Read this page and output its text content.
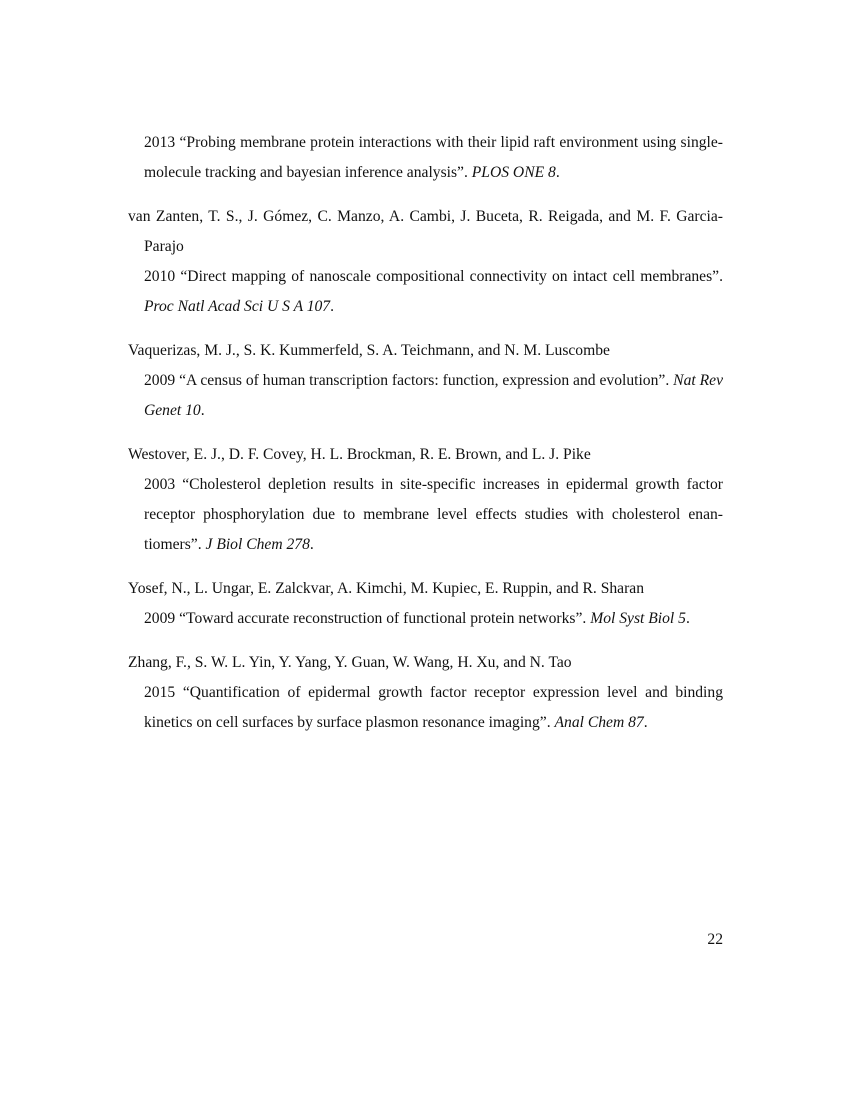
2013 “Probing membrane protein interactions with their lipid raft environment using single-molecule tracking and bayesian inference analysis”. PLOS ONE 8.
van Zanten, T. S., J. Gómez, C. Manzo, A. Cambi, J. Buceta, R. Reigada, and M. F. Garcia-Parajo
2010 “Direct mapping of nanoscale compositional connectivity on intact cell membranes”. Proc Natl Acad Sci U S A 107.
Vaquerizas, M. J., S. K. Kummerfeld, S. A. Teichmann, and N. M. Luscombe
2009 “A census of human transcription factors: function, expression and evolution”. Nat Rev Genet 10.
Westover, E. J., D. F. Covey, H. L. Brockman, R. E. Brown, and L. J. Pike
2003 “Cholesterol depletion results in site-specific increases in epidermal growth factor receptor phosphorylation due to membrane level effects studies with cholesterol enantiomers”. J Biol Chem 278.
Yosef, N., L. Ungar, E. Zalckvar, A. Kimchi, M. Kupiec, E. Ruppin, and R. Sharan
2009 “Toward accurate reconstruction of functional protein networks”. Mol Syst Biol 5.
Zhang, F., S. W. L. Yin, Y. Yang, Y. Guan, W. Wang, H. Xu, and N. Tao
2015 “Quantification of epidermal growth factor receptor expression level and binding kinetics on cell surfaces by surface plasmon resonance imaging”. Anal Chem 87.
22
